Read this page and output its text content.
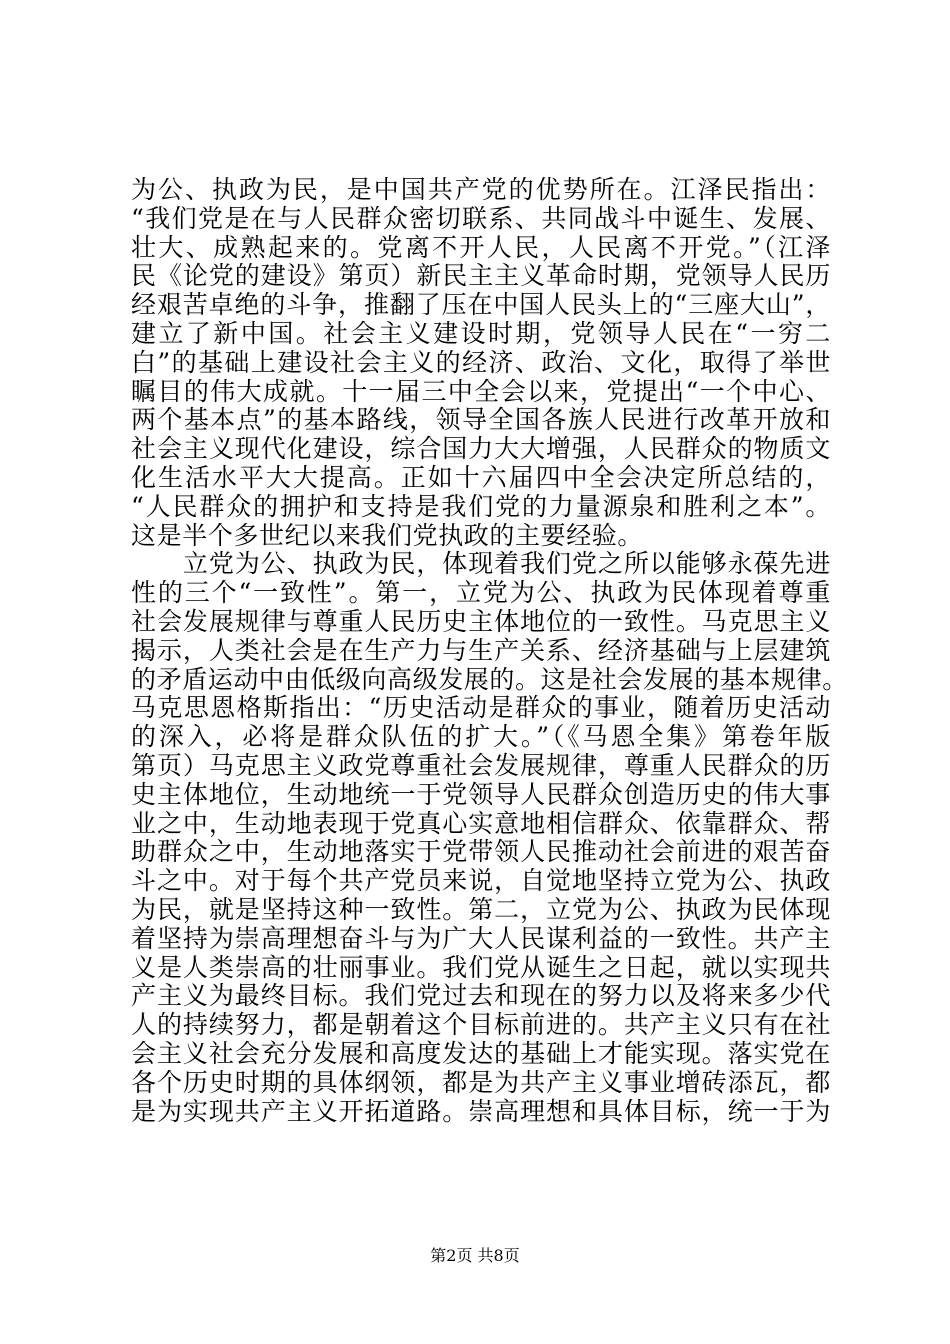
为公、执政为民，是中国共产党的优势所在。江泽民指出：
“我们党是在与人民群众密切联系、共同战斗中诞生、发展、
壮大、成熟起来的。党离不开人民，人民离不开党。”（江泽
民《论党的建设》第页）新民主主义革命时期，党领导人民历
经艰苦卓绝的斗争，推翻了压在中国人民头上的“三座大山”，
建立了新中国。社会主义建设时期，党领导人民在“一穷二
白”的基础上建设社会主义的经济、政治、文化，取得了举世
瞩目的伟大成就。十一届三中全会以来，党提出“一个中心、
两个基本点”的基本路线，领导全国各族人民进行改革开放和
社会主义现代化建设，综合国力大大增强，人民群众的物质文
化生活水平大大提高。正如十六届四中全会决定所总结的，
“人民群众的拥护和支持是我们党的力量源泉和胜利之本”。
这是半个多世纪以来我们党执政的主要经验。
　　立党为公、执政为民，体现着我们党之所以能够永葆先进
性的三个“一致性”。第一，立党为公、执政为民体现着尊重
社会发展规律与尊重人民历史主体地位的一致性。马克思主义
揭示，人类社会是在生产力与生产关系、经济基础与上层建筑
的矛盾运动中由低级向高级发展的。这是社会发展的基本规律。
马克思恩格斯指出：“历史活动是群众的事业，随着历史活动
的深入，必将是群众队伍的扩大。”（《马恩全集》第卷年版
第页）马克思主义政党尊重社会发展规律，尊重人民群众的历
史主体地位，生动地统一于党领导人民群众创造历史的伟大事
业之中，生动地表现于党真心实意地相信群众、依靠群众、帮
助群众之中，生动地落实于党带领人民推动社会前进的艰苦奋
斗之中。对于每个共产党员来说，自觉地坚持立党为公、执政
为民，就是坚持这种一致性。第二，立党为公、执政为民体现
着坚持为崇高理想奋斗与为广大人民谋利益的一致性。共产主
义是人类崇高的壮丽事业。我们党从诞生之日起，就以实现共
产主义为最终目标。我们党过去和现在的努力以及将来多少代
人的持续努力，都是朝着这个目标前进的。共产主义只有在社
会主义社会充分发展和高度发达的基础上才能实现。落实党在
各个历史时期的具体纲领，都是为共产主义事业增砖添瓦，都
是为实现共产主义开拓道路。崇高理想和具体目标，统一于为
第2页 共8页
